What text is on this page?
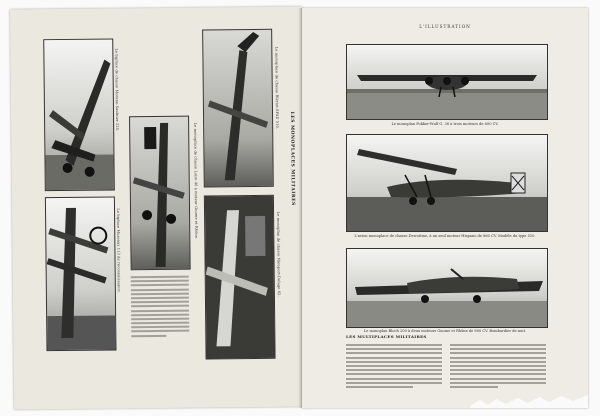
Le biplace de chasse Morane-Saulnier 225.
Le biplace Mureaux 113 de reconnaissance.
Le monoplace de chasse Loire 46 à moteur Gnome et Rhône.
Le monoplace de chasse Blériot-SPAD 510.
Le monoplan de chasse Nieuport-Delage 62.
LES MONOPLACES MILITAIRES
L'ILLUSTRATION
Le monoplan Fokker-Wulf G. 38 à trois moteurs de 600 CV.
L'avion monoplace de chasse Dewoitine, à un seul moteur Hispano de 860 CV. Modèle du type 510.
Le monoplan Bloch 200 à deux moteurs Gnome et Rhône de 800 CV. Bombardier de nuit.
LES MULTIPLACES MILITAIRES
